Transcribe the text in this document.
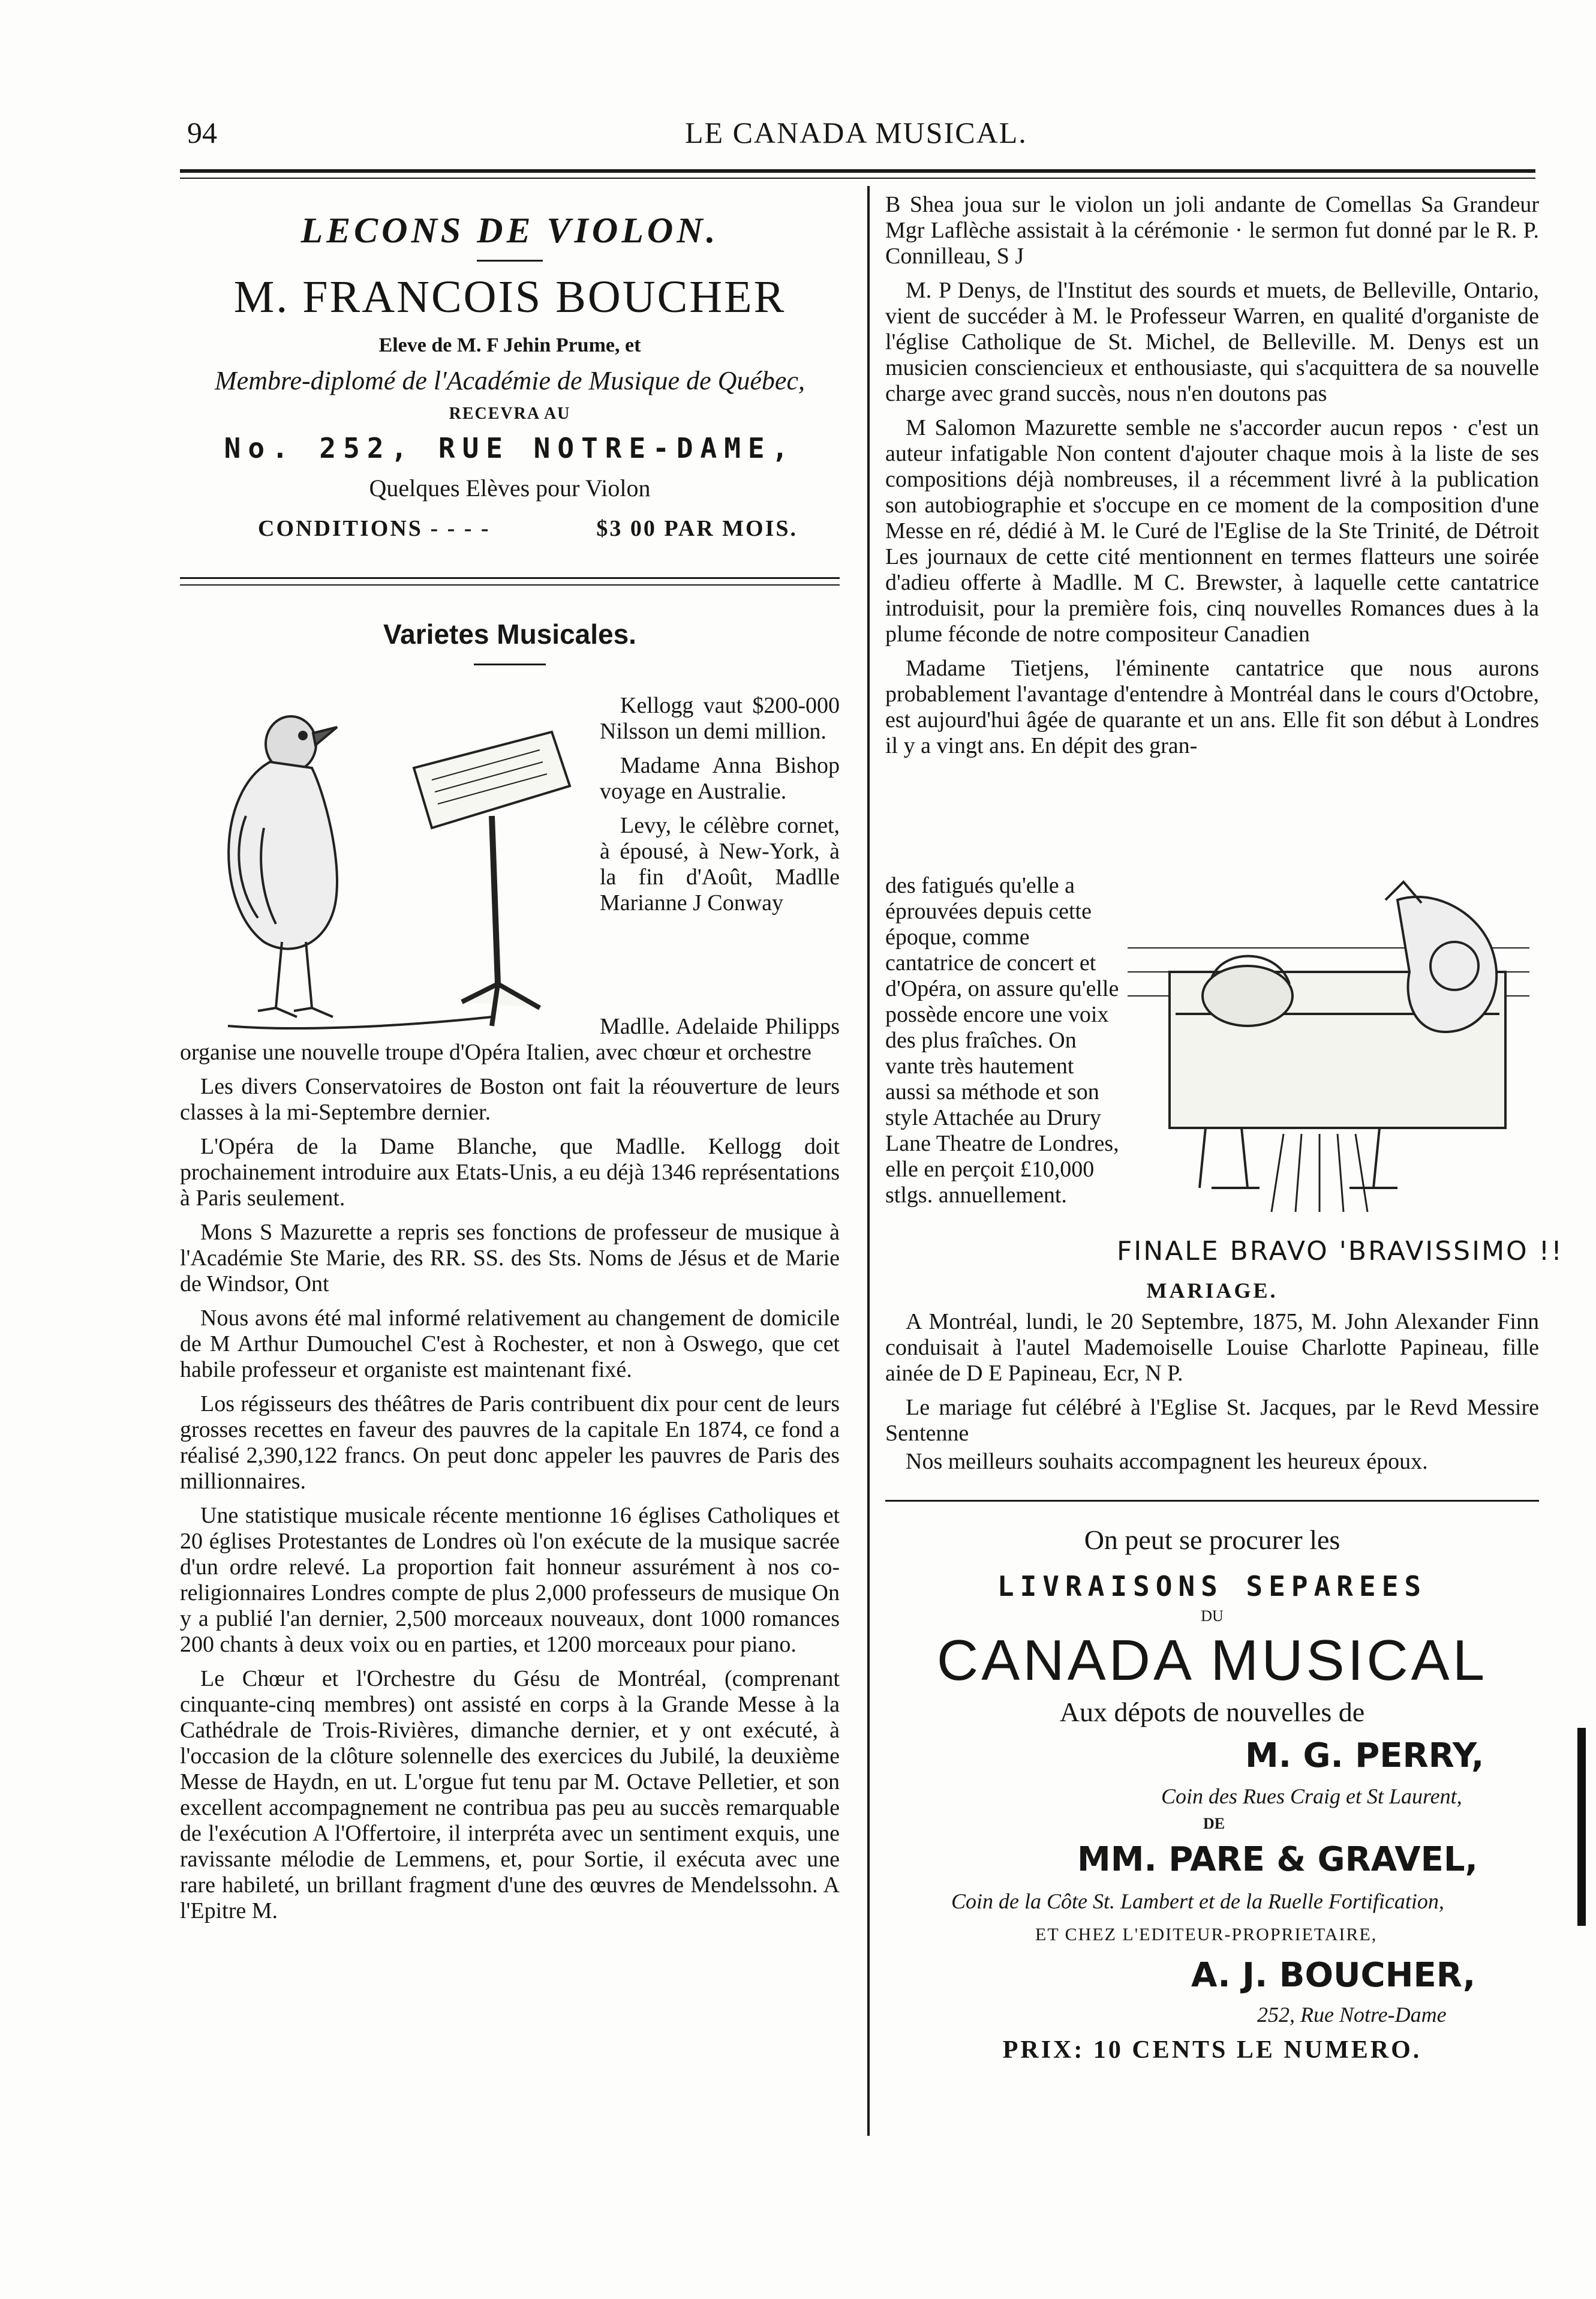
94	LE CANADA MUSICAL.
LECONS DE VIOLON.
M. FRANCOIS BOUCHER
Eleve de M. F Jehin Prume, et
Membre-diplomé de l'Académie de Musique de Québec,
RECEVRA AU
No. 252, RUE NOTRE-DAME,
Quelques Elèves pour Violon
CONDITIONS - - - -	$3 00 PAR MOIS.
Varietes Musicales.

Kellogg vaut $200-000 Nilsson un demi million.

Madame Anna Bishop voyage en Australie.

Levy, le célèbre cornet, à épousé, à New-York, à la fin d'Août, Madlle Marianne J Conway

Madlle. Adelaide Philipps organise une nouvelle troupe d'Opéra Italien, avec chœur et orchestre

Les divers Conservatoires de Boston ont fait la réouverture de leurs classes à la mi-Septembre dernier.

L'Opéra de la Dame Blanche, que Madlle. Kellogg doit prochainement introduire aux Etats-Unis, a eu déjà 1346 représentations à Paris seulement.

Mons S Mazurette a repris ses fonctions de professeur de musique à l'Académie Ste Marie, des RR. SS. des Sts. Noms de Jésus et de Marie de Windsor, Ont

Nous avons été mal informé relativement au changement de domicile de M Arthur Dumouchel C'est à Rochester, et non à Oswego, que cet habile professeur et organiste est maintenant fixé.

Los régisseurs des théâtres de Paris contribuent dix pour cent de leurs grosses recettes en faveur des pauvres de la capitale En 1874, ce fond a réalisé 2,390,122 francs. On peut donc appeler les pauvres de Paris des millionnaires.

Une statistique musicale récente mentionne 16 églises Catholiques et 20 églises Protestantes de Londres où l'on exécute de la musique sacrée d'un ordre relevé. La proportion fait honneur assurément à nos co-religionnaires Londres compte de plus 2,000 professeurs de musique On y a publié l'an dernier, 2,500 morceaux nouveaux, dont 1000 romances 200 chants à deux voix ou en parties, et 1200 morceaux pour piano.

Le Chœur et l'Orchestre du Gésu de Montréal, (comprenant cinquante-cinq membres) ont assisté en corps à la Grande Messe à la Cathédrale de Trois-Rivières, dimanche dernier, et y ont exécuté, à l'occasion de la clôture solennelle des exercices du Jubilé, la deuxième Messe de Haydn, en ut. L'orgue fut tenu par M. Octave Pelletier, et son excellent accompagnement ne contribua pas peu au succès remarquable de l'exécution A l'Offertoire, il interpréta avec un sentiment exquis, une ravissante mélodie de Lemmens, et, pour Sortie, il exécuta avec une rare habileté, un brillant fragment d'une des œuvres de Mendelssohn. A l'Epitre M.

B Shea joua sur le violon un joli andante de Comellas Sa Grandeur Mgr Laflèche assistait à la cérémonie · le sermon fut donné par le R. P. Connilleau, S J

M. P Denys, de l'Institut des sourds et muets, de Belleville, Ontario, vient de succéder à M. le Professeur Warren, en qualité d'organiste de l'église Catholique de St. Michel, de Belleville. M. Denys est un musicien consciencieux et enthousiaste, qui s'acquittera de sa nouvelle charge avec grand succès, nous n'en doutons pas

M Salomon Mazurette semble ne s'accorder aucun repos · c'est un auteur infatigable Non content d'ajouter chaque mois à la liste de ses compositions déjà nombreuses, il a récemment livré à la publication son autobiographie et s'occupe en ce moment de la composition d'une Messe en ré, dédié à M. le Curé de l'Eglise de la Ste Trinité, de Détroit Les journaux de cette cité mentionnent en termes flatteurs une soirée d'adieu offerte à Madlle. M C. Brewster, à laquelle cette cantatrice introduisit, pour la première fois, cinq nouvelles Romances dues à la plume féconde de notre compositeur Canadien

Madame Tietjens, l'éminente cantatrice que nous aurons probablement l'avantage d'entendre à Montréal dans le cours d'Octobre, est aujourd'hui âgée de quarante et un ans. Elle fit son début à Londres il y a vingt ans. En dépit des gran-

des fatigués qu'elle a éprouvées depuis cette époque, comme cantatrice de concert et d'Opéra, on assure qu'elle possède encore une voix des plus fraîches. On vante très hautement aussi sa méthode et son style Attachée au Drury Lane Theatre de Londres, elle en perçoit £10,000 stlgs. annuellement.

FINALE BRAVO 'BRAVISSIMO !!
MARIAGE.

A Montréal, lundi, le 20 Septembre, 1875, M. John Alexander Finn conduisait à l'autel Mademoiselle Louise Charlotte Papineau, fille ainée de D E Papineau, Ecr, N P.

Le mariage fut célébré à l'Eglise St. Jacques, par le Revd Messire Sentenne

Nos meilleurs souhaits accompagnent les heureux époux.

On peut se procurer les
LIVRAISONS SEPAREES
DU
CANADA MUSICAL
Aux dépots de nouvelles de
M. G. PERRY,
Coin des Rues Craig et St Laurent,
DE
MM. PARE & GRAVEL,
Coin de la Côte St. Lambert et de la Ruelle Fortification,
ET CHEZ L'EDITEUR-PROPRIETAIRE,
A. J. BOUCHER,
252, Rue Notre-Dame
PRIX: 10 CENTS LE NUMERO.
